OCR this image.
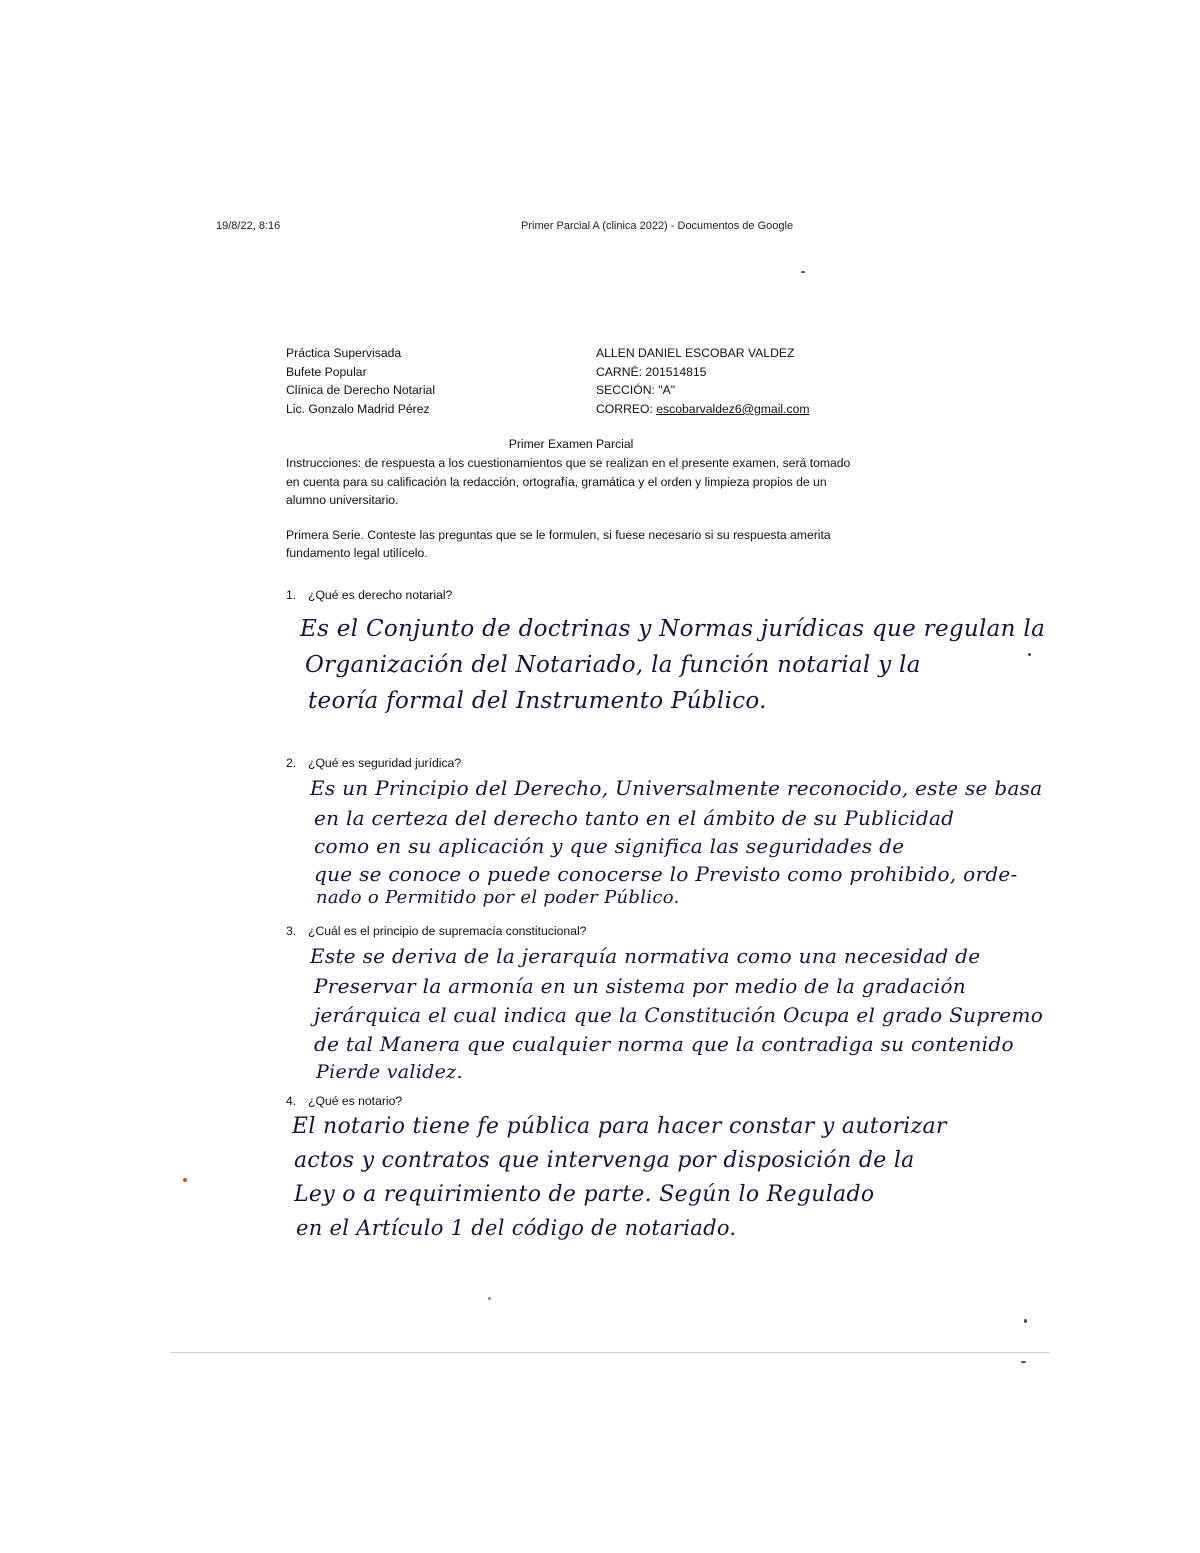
19/8/22, 8:16	Primer Parcial A (clinica 2022) - Documentos de Google
Práctica Supervisada
Bufete Popular
Clínica de Derecho Notarial
Lic. Gonzalo Madrid Pérez
ALLEN DANIEL ESCOBAR VALDEZ
CARNÉ: 201514815
SECCIÓN: "A"
CORREO: escobarvaldez6@gmail.com
Primer Examen Parcial
Instrucciones: de respuesta a los cuestionamientos que se realizan en el presente examen, será tomado en cuenta para su calificación la redacción, ortografía, gramática y el orden y limpieza propios de un alumno universitario.
Primera Serie. Conteste las preguntas que se le formulen, si fuese necesario si su respuesta amerita fundamento legal utilícelo.
1. ¿Qué es derecho notarial?
Es el Conjunto de doctrinas y Normas jurídicas que regulan la
Organización del Notariado, la función notarial y la
teoría formal del Instrumento Público.
2. ¿Qué es seguridad jurídica?
Es un Principio del Derecho, Universalmente reconocido, este se basa
en la certeza del derecho tanto en el ámbito de su Publicidad
como en su aplicación y que significa las seguridades de
que se conoce o puede conocerse lo Previsto como prohibido, orde-
nado o Permitido por el poder Público.
3. ¿Cuál es el principio de supremacía constitucional?
Este se deriva de la jerarquía normativa como una necesidad de
Preservar la armonía en un sistema por medio de la gradación
jerárquica el cual indica que la Constitución Ocupa el grado Supremo
de tal Manera que cualquier norma que la contradiga su contenido
Pierde validez.
4. ¿Qué es notario?
El notario tiene fe pública para hacer constar y autorizar
actos y contratos que intervenga por disposición de la
Ley o a requirimiento de parte. Según lo Regulado
en el Artículo 1 del código de notariado.
